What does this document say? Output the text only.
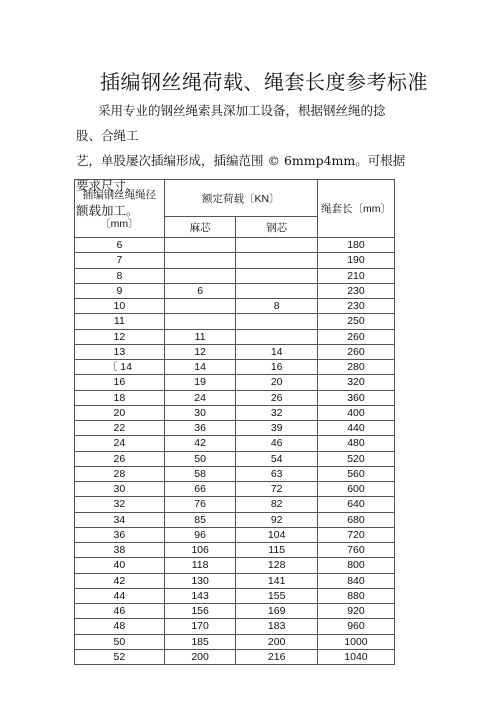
插编钢丝绳荷载、绳套长度参考标准
采用专业的钢丝绳索具深加工设备，根据钢丝绳的捻股、合绳工
艺，单股屡次插编形成，插编范围 © 6mmp4mm。可根据要求尺寸、
额载加工。
插编钢丝绳绳径
〔mm〕	额定荷载〔KN〕		绳套长〔mm〕
	麻芯	钢芯	
6			180
7			190
8			210
9	6		230
10		8	230
11			250
12	11		260
13	12	14	260
〔 14	14	16	280
16	19	20	320
18	24	26	360
20	30	32	400
22	36	39	440
24	42	46	480
26	50	54	520
28	58	63	560
30	66	72	600
32	76	82	640
34	85	92	680
36	96	104	720
38	106	115	760
40	118	128	800
42	130	141	840
44	143	155	880
46	156	169	920
48	170	183	960
50	185	200	1000
52	200	216	1040
